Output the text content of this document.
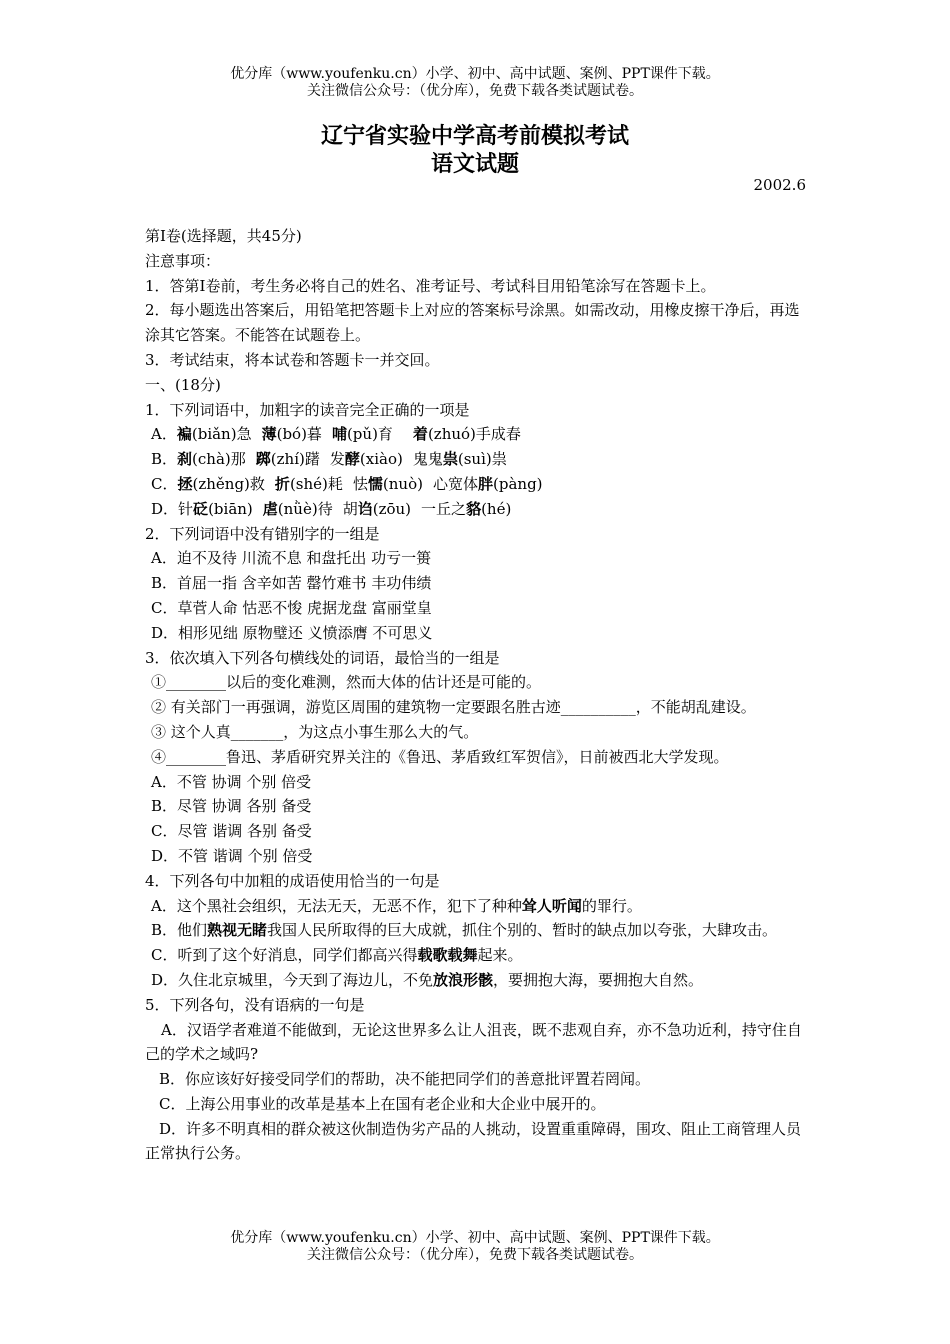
优分库（www.youfenku.cn）小学、初中、高中试题、案例、PPT课件下载。
关注微信公众号：（优分库），免费下载各类试题试卷。
辽宁省实验中学高考前模拟考试
语文试题
2002.6
第Ⅰ卷(选择题，共45分)
注意事项：
1．答第Ⅰ卷前，考生务必将自己的姓名、准考证号、考试科目用铅笔涂写在答题卡上。
2．每小题选出答案后，用铅笔把答题卡上对应的答案标号涂黑。如需改动，用橡皮擦干净后，再选涂其它答案。不能答在试题卷上。
3．考试结束，将本试卷和答题卡一并交回。
一、(18分)
1．下列词语中，加粗字的读音完全正确的一项是
A．褊(biǎn)急 薄(bó)暮 哺(pǔ)育 着(zhuó)手成春
B．刹(chà)那 踯(zhí)躇 发酵(xiào) 鬼鬼祟(suì)祟
C．拯(zhěng)救 折(shé)耗 怯懦(nuò) 心宽体胖(pàng)
D．针砭(biān) 虐(nǜè)待 胡诌(zōu) 一丘之貉(hé)
2．下列词语中没有错别字的一组是
A．迫不及待 川流不息 和盘托出 功亏一篑
B．首屈一指 含辛如苦 罄竹难书 丰功伟绩
C．草菅人命 怙恶不悛 虎据龙盘 富丽堂皇
D．相形见绌 原物璧还 义愤添膺 不可思义
3．依次填入下列各句横线处的词语，最恰当的一组是
①________以后的变化难测，然而大体的估计还是可能的。
② 有关部门一再强调，游览区周围的建筑物一定要跟名胜古迹__________，不能胡乱建设。
③ 这个人真_______，为这点小事生那么大的气。
④________鲁迅、茅盾研究界关注的《鲁迅、茅盾致红军贺信》，日前被西北大学发现。
A．不管 协调 个别 倍受
B．尽管 协调 各别 备受
C．尽管 谐调 各别 备受
D．不管 谐调 个别 倍受
4．下列各句中加粗的成语使用恰当的一句是
A．这个黑社会组织，无法无天，无恶不作，犯下了种种耸人听闻的罪行。
B．他们熟视无睹我国人民所取得的巨大成就，抓住个别的、暂时的缺点加以夸张，大肆攻击。
C．听到了这个好消息，同学们都高兴得载歌载舞起来。
D．久住北京城里，今天到了海边儿，不免放浪形骸，要拥抱大海，要拥抱大自然。
5．下列各句，没有语病的一句是
A．汉语学者难道不能做到，无论这世界多么让人沮丧，既不悲观自弃，亦不急功近利，持守住自己的学术之域吗?
B．你应该好好接受同学们的帮助，决不能把同学们的善意批评置若罔闻。
C．上海公用事业的改革是基本上在国有老企业和大企业中展开的。
D．许多不明真相的群众被这伙制造伪劣产品的人挑动，设置重重障碍，围攻、阻止工商管理人员正常执行公务。
优分库（www.youfenku.cn）小学、初中、高中试题、案例、PPT课件下载。
关注微信公众号：（优分库），免费下载各类试题试卷。
